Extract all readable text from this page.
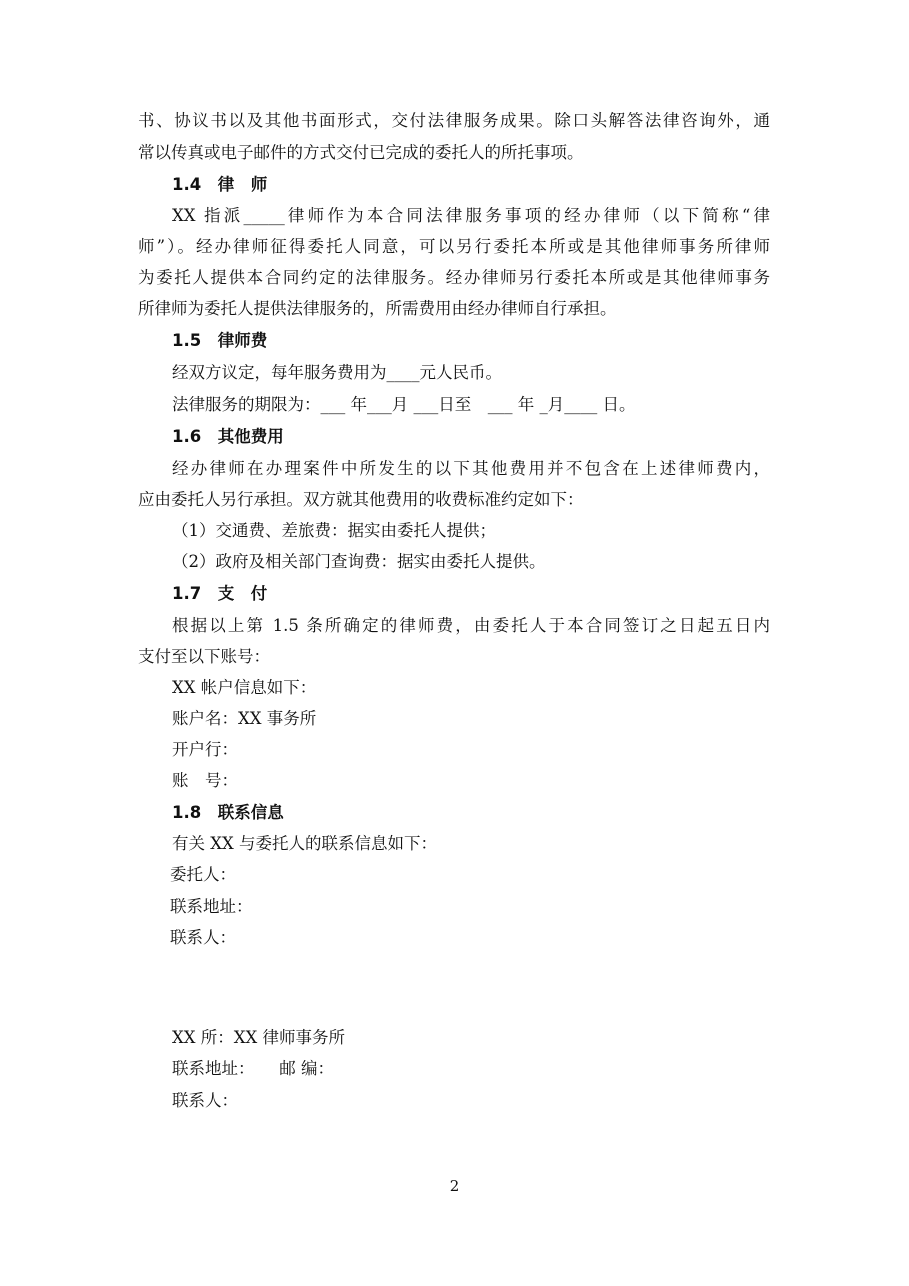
书、协议书以及其他书面形式，交付法律服务成果。除口头解答法律咨询外，通

常以传真或电子邮件的方式交付已完成的委托人的所托事项。

1.4　律　师

XX 指派_____律师作为本合同法律服务事项的经办律师（以下简称“律

师”）。经办律师征得委托人同意，可以另行委托本所或是其他律师事务所律师

为委托人提供本合同约定的法律服务。经办律师另行委托本所或是其他律师事务

所律师为委托人提供法律服务的，所需费用由经办律师自行承担。

1.5　律师费

经双方议定，每年服务费用为____元人民币。

法律服务的期限为：___ 年___月 ___日至　___ 年 _月____ 日。

1.6　其他费用

经办律师在办理案件中所发生的以下其他费用并不包含在上述律师费内，

应由委托人另行承担。双方就其他费用的收费标准约定如下：

（1）交通费、差旅费：据实由委托人提供；

（2）政府及相关部门查询费：据实由委托人提供。

1.7　支　付

根据以上第 1.5 条所确定的律师费，由委托人于本合同签订之日起五日内

支付至以下账号：

XX 帐户信息如下：

账户名：XX 事务所

开户行：

账　号：

1.8　联系信息

有关 XX 与委托人的联系信息如下：

委托人：

联系地址：

联系人：

XX 所：XX 律师事务所

联系地址：　　邮 编：

联系人：

2
